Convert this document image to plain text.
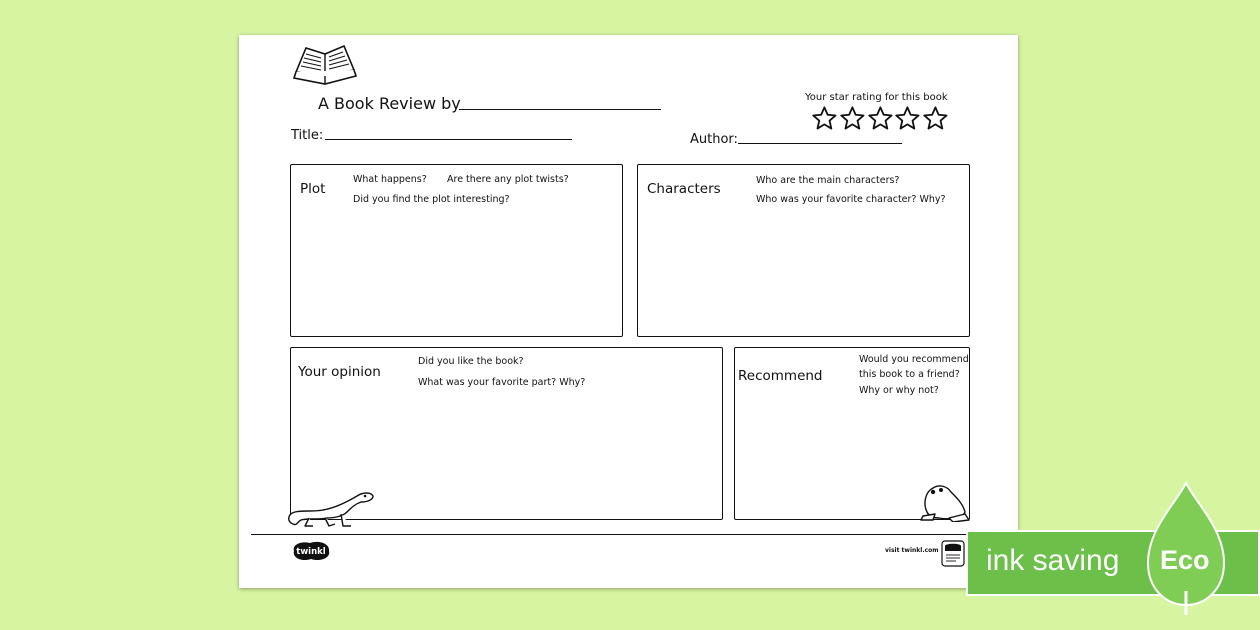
A Book Review by
Title:	Author:
Your star rating for this book
Plot
What happens? Are there any plot twists?
Did you find the plot interesting?
Characters
Who are the main characters?
Who was your favorite character? Why?
Your opinion
Did you like the book?
What was your favorite part? Why?	Recommend
Would you recommend
this book to a friend?
Why or why not?
twinkl	visit twinkl.com ink saving Eco
